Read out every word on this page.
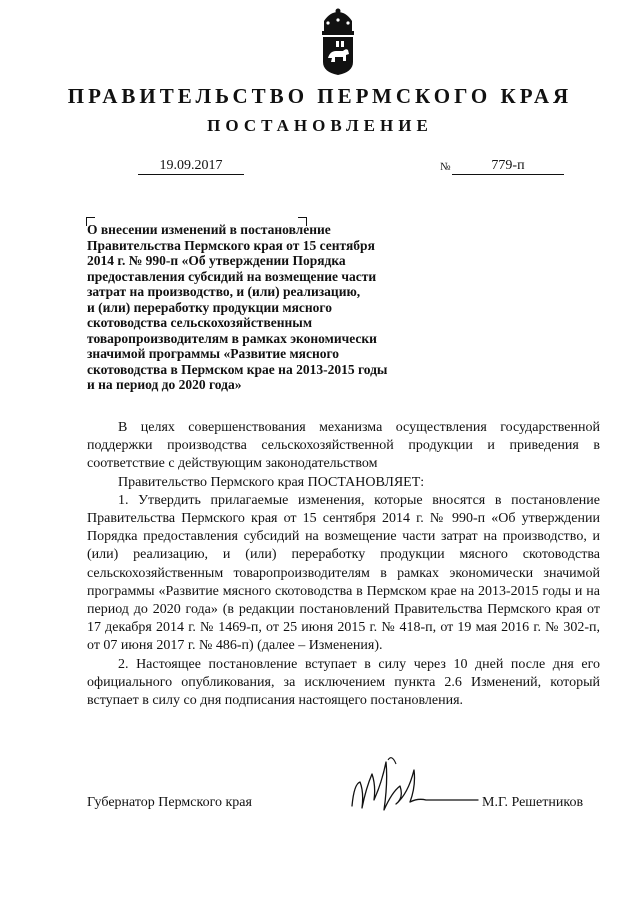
ПРАВИТЕЛЬСТВО ПЕРМСКОГО КРАЯ
ПОСТАНОВЛЕНИЕ
19.09.2017	№	779-п
О внесении изменений в постановление
Правительства Пермского края от 15 сентября
2014 г. № 990-п «Об утверждении Порядка
предоставления субсидий на возмещение части
затрат на производство, и (или) реализацию,
и (или) переработку продукции мясного
скотоводства сельскохозяйственным
товаропроизводителям в рамках экономически
значимой программы «Развитие мясного
скотоводства в Пермском крае на 2013-2015 годы
и на период до 2020 года»

В целях совершенствования механизма осуществления государственной поддержки производства сельскохозяйственной продукции и приведения в соответствие с действующим законодательством

Правительство Пермского края ПОСТАНОВЛЯЕТ:

1. Утвердить прилагаемые изменения, которые вносятся в постановление Правительства Пермского края от 15 сентября 2014 г. № 990-п «Об утверждении Порядка предоставления субсидий на возмещение части затрат на производство, и (или) реализацию, и (или) переработку продукции мясного скотоводства сельскохозяйственным товаропроизводителям в рамках экономически значимой программы «Развитие мясного скотоводства в Пермском крае на 2013-2015 годы и на период до 2020 года» (в редакции постановлений Правительства Пермского края от 17 декабря 2014 г. № 1469-п, от 25 июня 2015 г. № 418-п, от 19 мая 2016 г. № 302-п, от 07 июня 2017 г. № 486-п) (далее – Изменения).

2. Настоящее постановление вступает в силу через 10 дней после дня его официального опубликования, за исключением пункта 2.6 Изменений, который вступает в силу со дня подписания настоящего постановления.

Губернатор Пермского края	М.Г. Решетников
